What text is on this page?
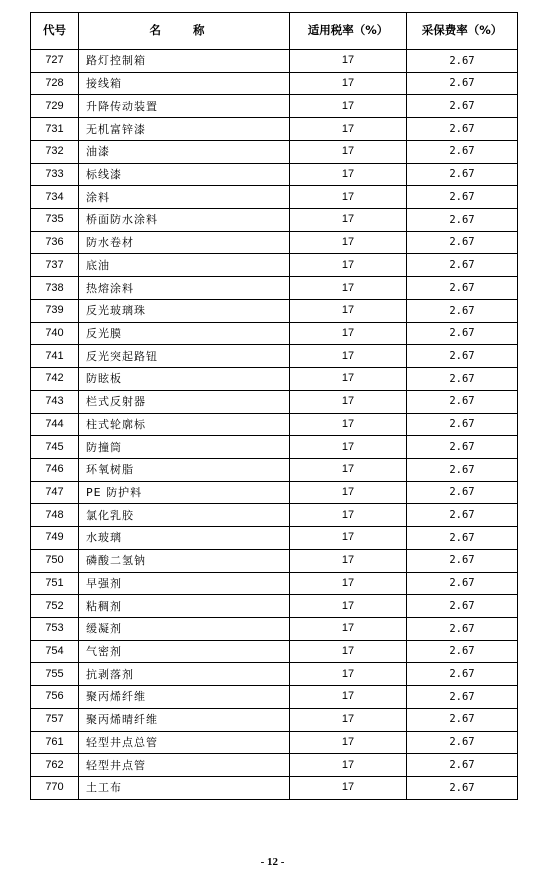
代号	名 称	适用税率（%）	采保费率（%）
727	路灯控制箱	17	2.67
728	接线箱	17	2.67
729	升降传动装置	17	2.67
731	无机富锌漆	17	2.67
732	油漆	17	2.67
733	标线漆	17	2.67
734	涂料	17	2.67
735	桥面防水涂料	17	2.67
736	防水卷材	17	2.67
737	底油	17	2.67
738	热熔涂料	17	2.67
739	反光玻璃珠	17	2.67
740	反光膜	17	2.67
741	反光突起路钮	17	2.67
742	防眩板	17	2.67
743	栏式反射器	17	2.67
744	柱式轮廓标	17	2.67
745	防撞筒	17	2.67
746	环氧树脂	17	2.67
747	PE 防护料	17	2.67
748	氯化乳胶	17	2.67
749	水玻璃	17	2.67
750	磷酸二氢钠	17	2.67
751	早强剂	17	2.67
752	粘稠剂	17	2.67
753	缓凝剂	17	2.67
754	气密剂	17	2.67
755	抗剥落剂	17	2.67
756	聚丙烯纤维	17	2.67
757	聚丙烯晴纤维	17	2.67
761	轻型井点总管	17	2.67
762	轻型井点管	17	2.67
770	土工布	17	2.67
- 12 -
